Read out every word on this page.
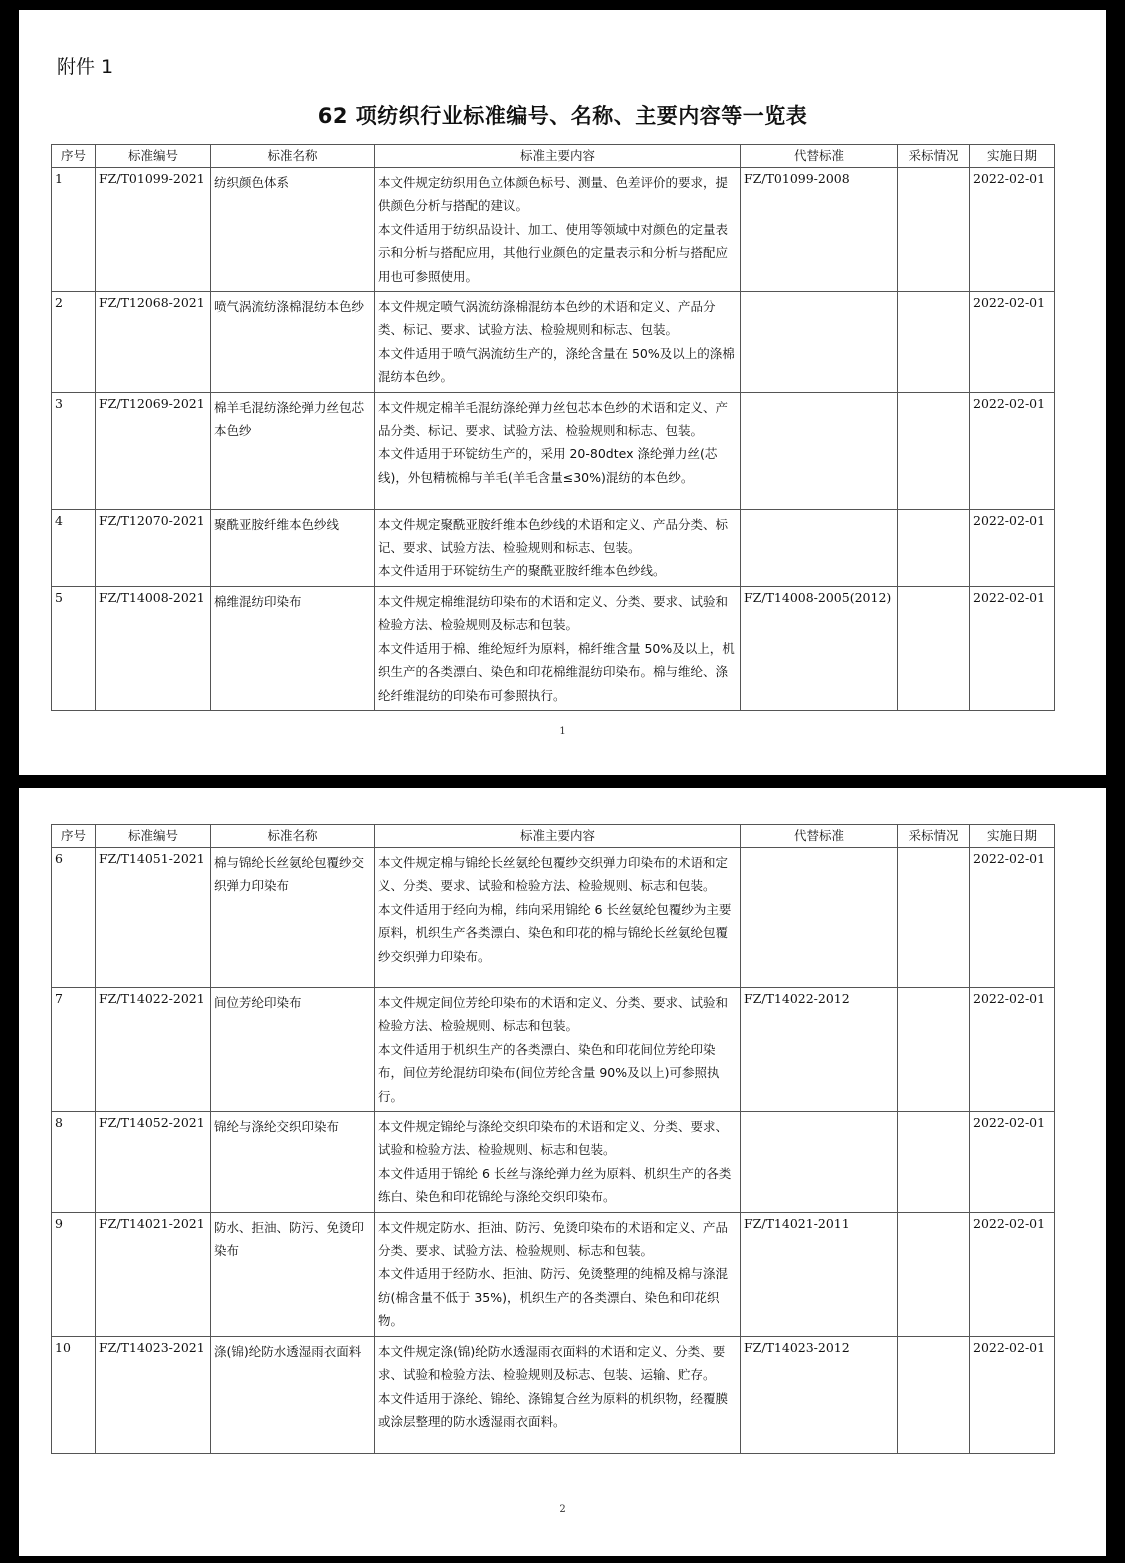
附件 1
62 项纺织行业标准编号、名称、主要内容等一览表
序号	标准编号	标准名称	标准主要内容	代替标准	采标情况	实施日期
1	FZ/T01099-2021	纺织颜色体系	本文件规定纺织用色立体颜色标号、测量、色差评价的要求，提供颜色分析与搭配的建议。
本文件适用于纺织品设计、加工、使用等领域中对颜色的定量表示和分析与搭配应用，其他行业颜色的定量表示和分析与搭配应用也可参照使用。	FZ/T01099-2008		2022-02-01
2	FZ/T12068-2021	喷气涡流纺涤棉混纺本色纱	本文件规定喷气涡流纺涤棉混纺本色纱的术语和定义、产品分类、标记、要求、试验方法、检验规则和标志、包装。
本文件适用于喷气涡流纺生产的，涤纶含量在 50%及以上的涤棉混纺本色纱。			2022-02-01
3	FZ/T12069-2021	棉羊毛混纺涤纶弹力丝包芯本色纱	本文件规定棉羊毛混纺涤纶弹力丝包芯本色纱的术语和定义、产品分类、标记、要求、试验方法、检验规则和标志、包装。
本文件适用于环锭纺生产的，采用 20-80dtex 涤纶弹力丝(芯线)，外包精梳棉与羊毛(羊毛含量≤30%)混纺的本色纱。			2022-02-01
4	FZ/T12070-2021	聚酰亚胺纤维本色纱线	本文件规定聚酰亚胺纤维本色纱线的术语和定义、产品分类、标记、要求、试验方法、检验规则和标志、包装。
本文件适用于环锭纺生产的聚酰亚胺纤维本色纱线。			2022-02-01
5	FZ/T14008-2021	棉维混纺印染布	本文件规定棉维混纺印染布的术语和定义、分类、要求、试验和检验方法、检验规则及标志和包装。
本文件适用于棉、维纶短纤为原料，棉纤维含量 50%及以上，机织生产的各类漂白、染色和印花棉维混纺印染布。棉与维纶、涤纶纤维混纺的印染布可参照执行。	FZ/T14008-2005(2012)		2022-02-01
1
序号	标准编号	标准名称	标准主要内容	代替标准	采标情况	实施日期
6	FZ/T14051-2021	棉与锦纶长丝氨纶包覆纱交织弹力印染布	本文件规定棉与锦纶长丝氨纶包覆纱交织弹力印染布的术语和定义、分类、要求、试验和检验方法、检验规则、标志和包装。
本文件适用于经向为棉，纬向采用锦纶 6 长丝氨纶包覆纱为主要原料，机织生产各类漂白、染色和印花的棉与锦纶长丝氨纶包覆纱交织弹力印染布。			2022-02-01
7	FZ/T14022-2021	间位芳纶印染布	本文件规定间位芳纶印染布的术语和定义、分类、要求、试验和检验方法、检验规则、标志和包装。
本文件适用于机织生产的各类漂白、染色和印花间位芳纶印染布，间位芳纶混纺印染布(间位芳纶含量 90%及以上)可参照执行。	FZ/T14022-2012		2022-02-01
8	FZ/T14052-2021	锦纶与涤纶交织印染布	本文件规定锦纶与涤纶交织印染布的术语和定义、分类、要求、试验和检验方法、检验规则、标志和包装。
本文件适用于锦纶 6 长丝与涤纶弹力丝为原料、机织生产的各类练白、染色和印花锦纶与涤纶交织印染布。			2022-02-01
9	FZ/T14021-2021	防水、拒油、防污、免烫印染布	本文件规定防水、拒油、防污、免烫印染布的术语和定义、产品分类、要求、试验方法、检验规则、标志和包装。
本文件适用于经防水、拒油、防污、免烫整理的纯棉及棉与涤混纺(棉含量不低于 35%)，机织生产的各类漂白、染色和印花织物。	FZ/T14021-2011		2022-02-01
10	FZ/T14023-2021	涤(锦)纶防水透湿雨衣面料	本文件规定涤(锦)纶防水透湿雨衣面料的术语和定义、分类、要求、试验和检验方法、检验规则及标志、包装、运输、贮存。
本文件适用于涤纶、锦纶、涤锦复合丝为原料的机织物，经覆膜或涂层整理的防水透湿雨衣面料。	FZ/T14023-2012		2022-02-01
2
